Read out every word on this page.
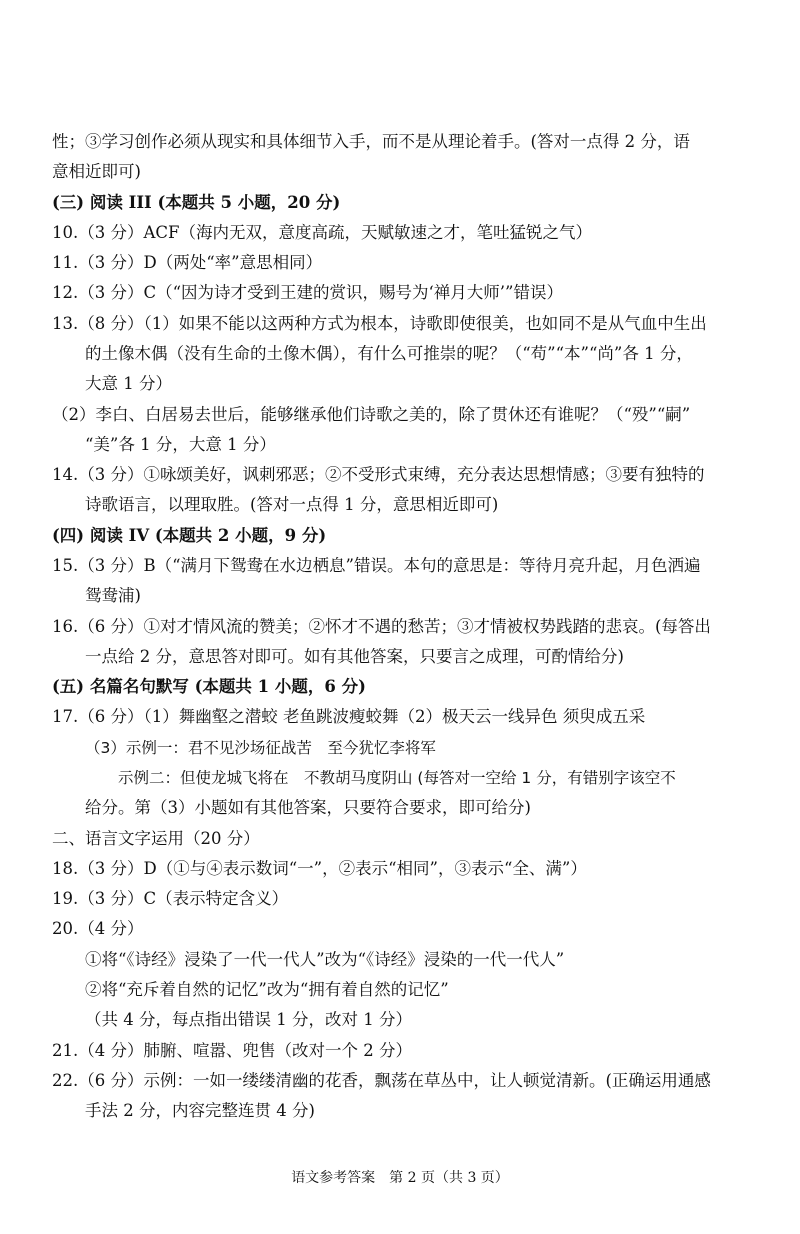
性；③学习创作必须从现实和具体细节入手，而不是从理论着手。(答对一点得 2 分，语
意相近即可)
(三) 阅读 III (本题共 5 小题，20 分)
10.（3 分）ACF（海内无双，意度高疏，天赋敏速之才，笔吐猛锐之气）
11.（3 分）D（两处“率”意思相同）
12.（3 分）C（“因为诗才受到王建的赏识，赐号为‘禅月大师’”错误）
13.（8 分）（1）如果不能以这两种方式为根本，诗歌即使很美，也如同不是从气血中生出
的土像木偶（没有生命的土像木偶），有什么可推崇的呢？（“苟”“本”“尚”各 1 分，
大意 1 分）
（2）李白、白居易去世后，能够继承他们诗歌之美的，除了贯休还有谁呢？（“殁”“嗣”
“美”各 1 分，大意 1 分）
14.（3 分）①咏颂美好，讽刺邪恶；②不受形式束缚，充分表达思想情感；③要有独特的
诗歌语言，以理取胜。(答对一点得 1 分，意思相近即可)
(四) 阅读 IV (本题共 2 小题，9 分)
15.（3 分）B（“满月下鸳鸯在水边栖息”错误。本句的意思是：等待月亮升起，月色洒遍
鸳鸯浦)
16.（6 分）①对才情风流的赞美；②怀才不遇的愁苦；③才情被权势践踏的悲哀。(每答出
一点给 2 分，意思答对即可。如有其他答案，只要言之成理，可酌情给分)
(五) 名篇名句默写 (本题共 1 小题，6 分)
17.（6 分）（1）舞幽壑之潜蛟 老鱼跳波瘦蛟舞（2）极天云一线异色 须臾成五采
（3）示例一：君不见沙场征战苦　至今犹忆李将军
示例二：但使龙城飞将在　不教胡马度阴山 (每答对一空给 1 分，有错别字该空不
给分。第（3）小题如有其他答案，只要符合要求，即可给分)
二、语言文字运用（20 分）
18.（3 分）D（①与④表示数词“一”，②表示“相同”，③表示“全、满”）
19.（3 分）C（表示特定含义）
20.（4 分）
①将“《诗经》浸染了一代一代人”改为“《诗经》浸染的一代一代人”
②将“充斥着自然的记忆”改为“拥有着自然的记忆”
（共 4 分，每点指出错误 1 分，改对 1 分）
21.（4 分）肺腑、喧嚣、兜售（改对一个 2 分）
22.（6 分）示例：一如一缕缕清幽的花香，飘荡在草丛中，让人顿觉清新。(正确运用通感
手法 2 分，内容完整连贯 4 分)
语文参考答案　第 2 页（共 3 页）
